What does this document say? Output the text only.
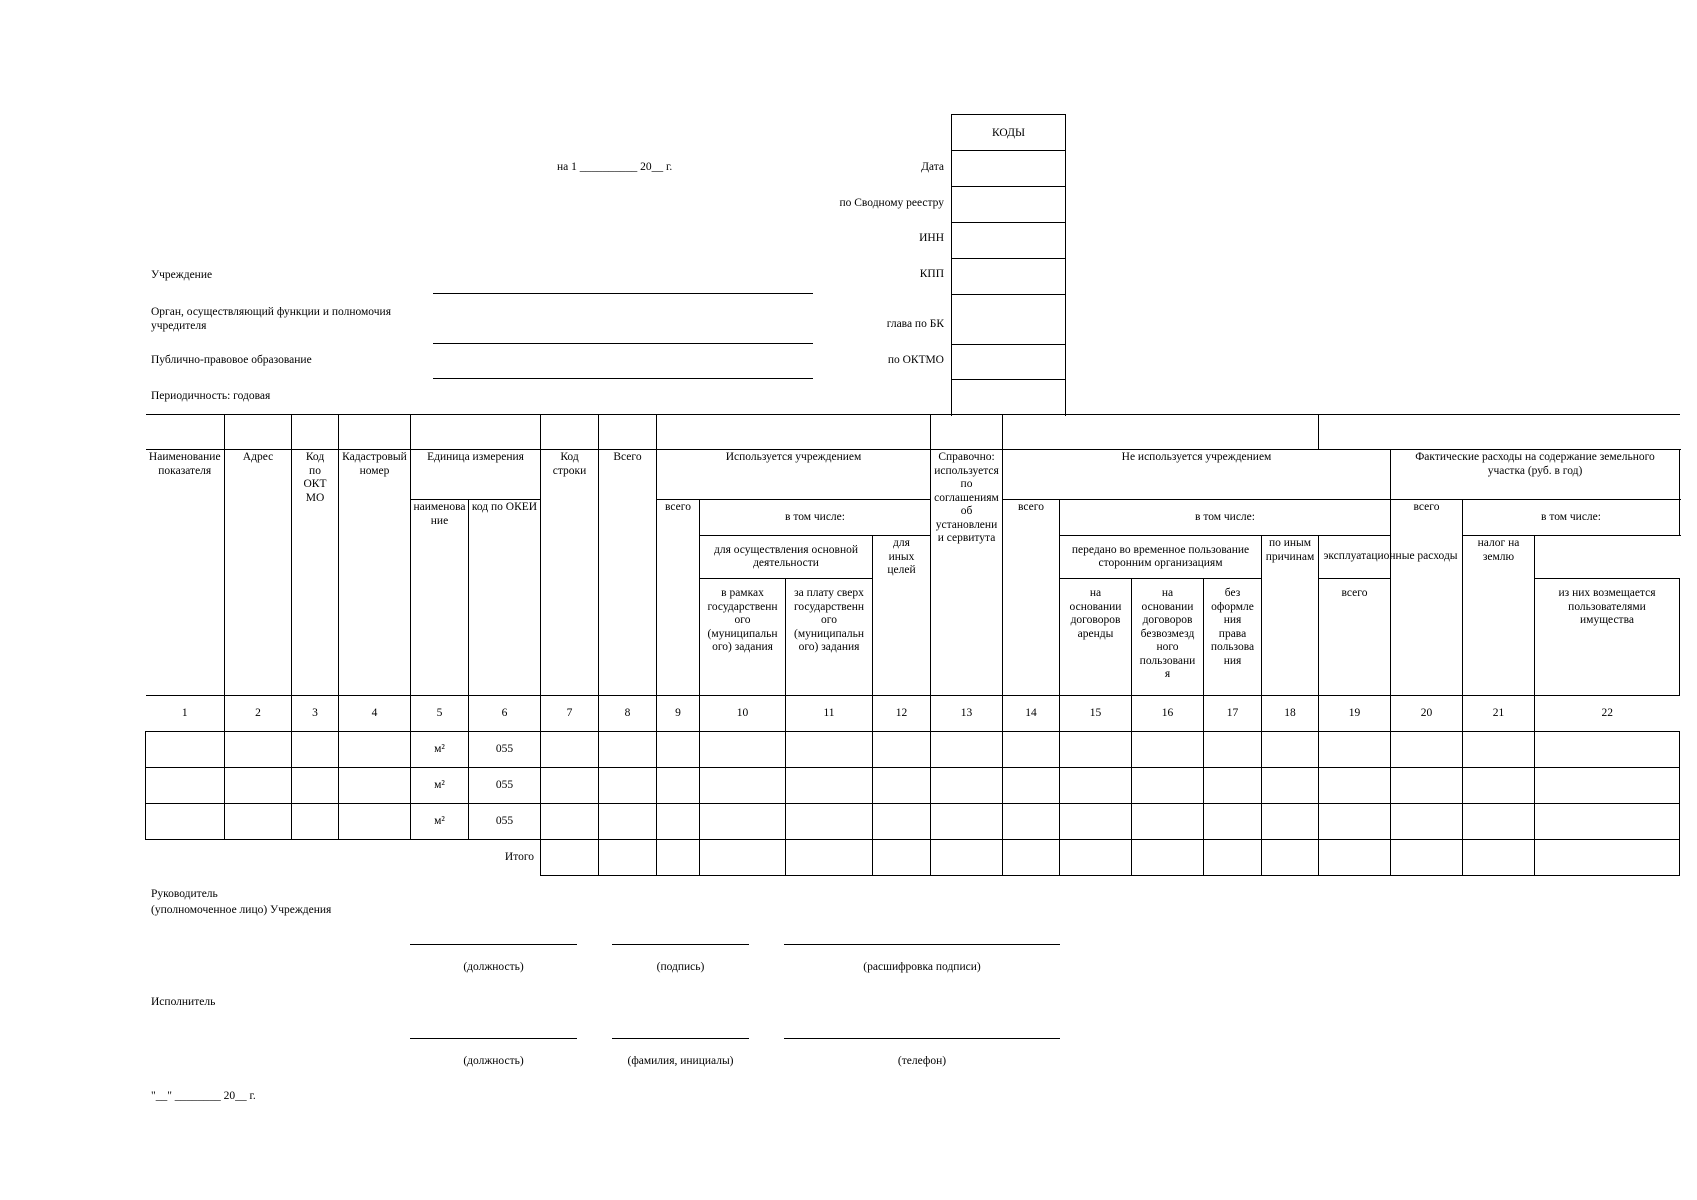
на 1 __________ 20__ г.	Дата
по Сводному реестру
ИНН
КПП
глава по БК
по ОКТМО
КОДЫ

Учреждение
Орган, осуществляющий функции и полномочия учредителя
Публично-правовое образование
Периодичность: годовая

Наименование показателя	Адрес	Код по ОКТМО	Кадастровый номер	Единица измерения		Код строки	Всего	Используется учреждением				Справочно: используется по соглашениям об установлении сервитута	Не используется учреждением						Фактические расходы на содержание земельного участка (руб. в год)		
				наименование	код по ОКЕИ			всего	в том числе:				всего	в том числе:					всего	в том числе:	
									для осуществления основной деятельности		для иных целей			передано во временное пользование сторонним организациям			по иным причинам	эксплуатационные расходы		налог на землю	
									в рамках государственного (муниципального) задания	за плату сверх государственного (муниципального) задания				на основании договоров аренды	на основании договоров безвозмездного пользования	без оформления права пользования		всего			из них возмещается пользователями имущества
1	2	3	4	5	6	7	8	9	10	11	12	13	14	15	16	17	18	19	20	21	22
				м²	055																
				м²	055																
				м²	055																
Итого																					
Руководитель
(уполномоченное лицо) Учреждения
(должность)	(подпись)	(расшифровка подписи)
Исполнитель
(должность)	(фамилия, инициалы)	(телефон)
"__" ________ 20__ г.
